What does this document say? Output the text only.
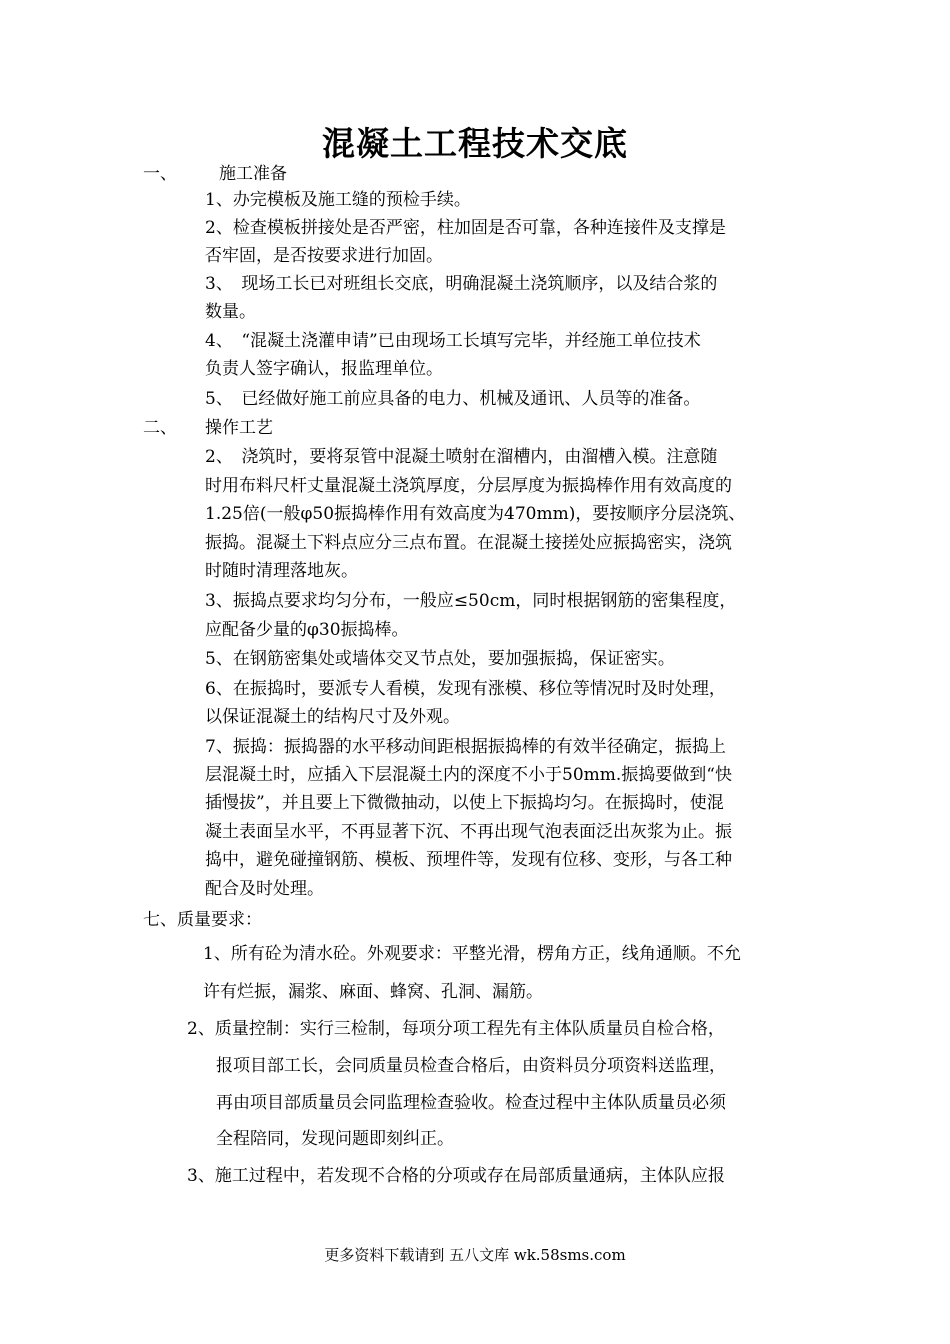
混凝土工程技术交底
一、 施工准备
1、办完模板及施工缝的预检手续。
2、检查模板拼接处是否严密，柱加固是否可靠，各种连接件及支撑是
否牢固，是否按要求进行加固。
3、　现场工长已对班组长交底，明确混凝土浇筑顺序，以及结合浆的
数量。
4、　“混凝土浇灌申请”已由现场工长填写完毕，并经施工单位技术
负责人签字确认，报监理单位。
5、　已经做好施工前应具备的电力、机械及通讯、人员等的准备。
二、 操作工艺
2、　浇筑时，要将泵管中混凝土喷射在溜槽内，由溜槽入模。注意随
时用布料尺杆丈量混凝土浇筑厚度，分层厚度为振捣棒作用有效高度的
1.25倍(一般φ50振捣棒作用有效高度为470mm)，要按顺序分层浇筑、
振捣。混凝土下料点应分三点布置。在混凝土接搓处应振捣密实，浇筑
时随时清理落地灰。
3、振捣点要求均匀分布，一般应≤50cm，同时根据钢筋的密集程度，
应配备少量的φ30振捣棒。
5、在钢筋密集处或墙体交叉节点处，要加强振捣，保证密实。
6、在振捣时，要派专人看模，发现有涨模、移位等情况时及时处理，
以保证混凝土的结构尺寸及外观。
7、振捣：振捣器的水平移动间距根据振捣棒的有效半径确定，振捣上
层混凝土时，应插入下层混凝土内的深度不小于50mm.振捣要做到“快
插慢拔”，并且要上下微微抽动，以使上下振捣均匀。在振捣时，使混
凝土表面呈水平，不再显著下沉、不再出现气泡表面泛出灰浆为止。振
捣中，避免碰撞钢筋、模板、预埋件等，发现有位移、变形，与各工种
配合及时处理。
七、质量要求：
1、所有砼为清水砼。外观要求：平整光滑，楞角方正，线角通顺。不允
许有烂振，漏浆、麻面、蜂窝、孔洞、漏筋。
2、质量控制：实行三检制，每项分项工程先有主体队质量员自检合格，
报项目部工长，会同质量员检查合格后，由资料员分项资料送监理，
再由项目部质量员会同监理检查验收。检查过程中主体队质量员必须
全程陪同，发现问题即刻纠正。
3、施工过程中，若发现不合格的分项或存在局部质量通病，主体队应报
更多资料下载请到 五八文库 wk.58sms.com
